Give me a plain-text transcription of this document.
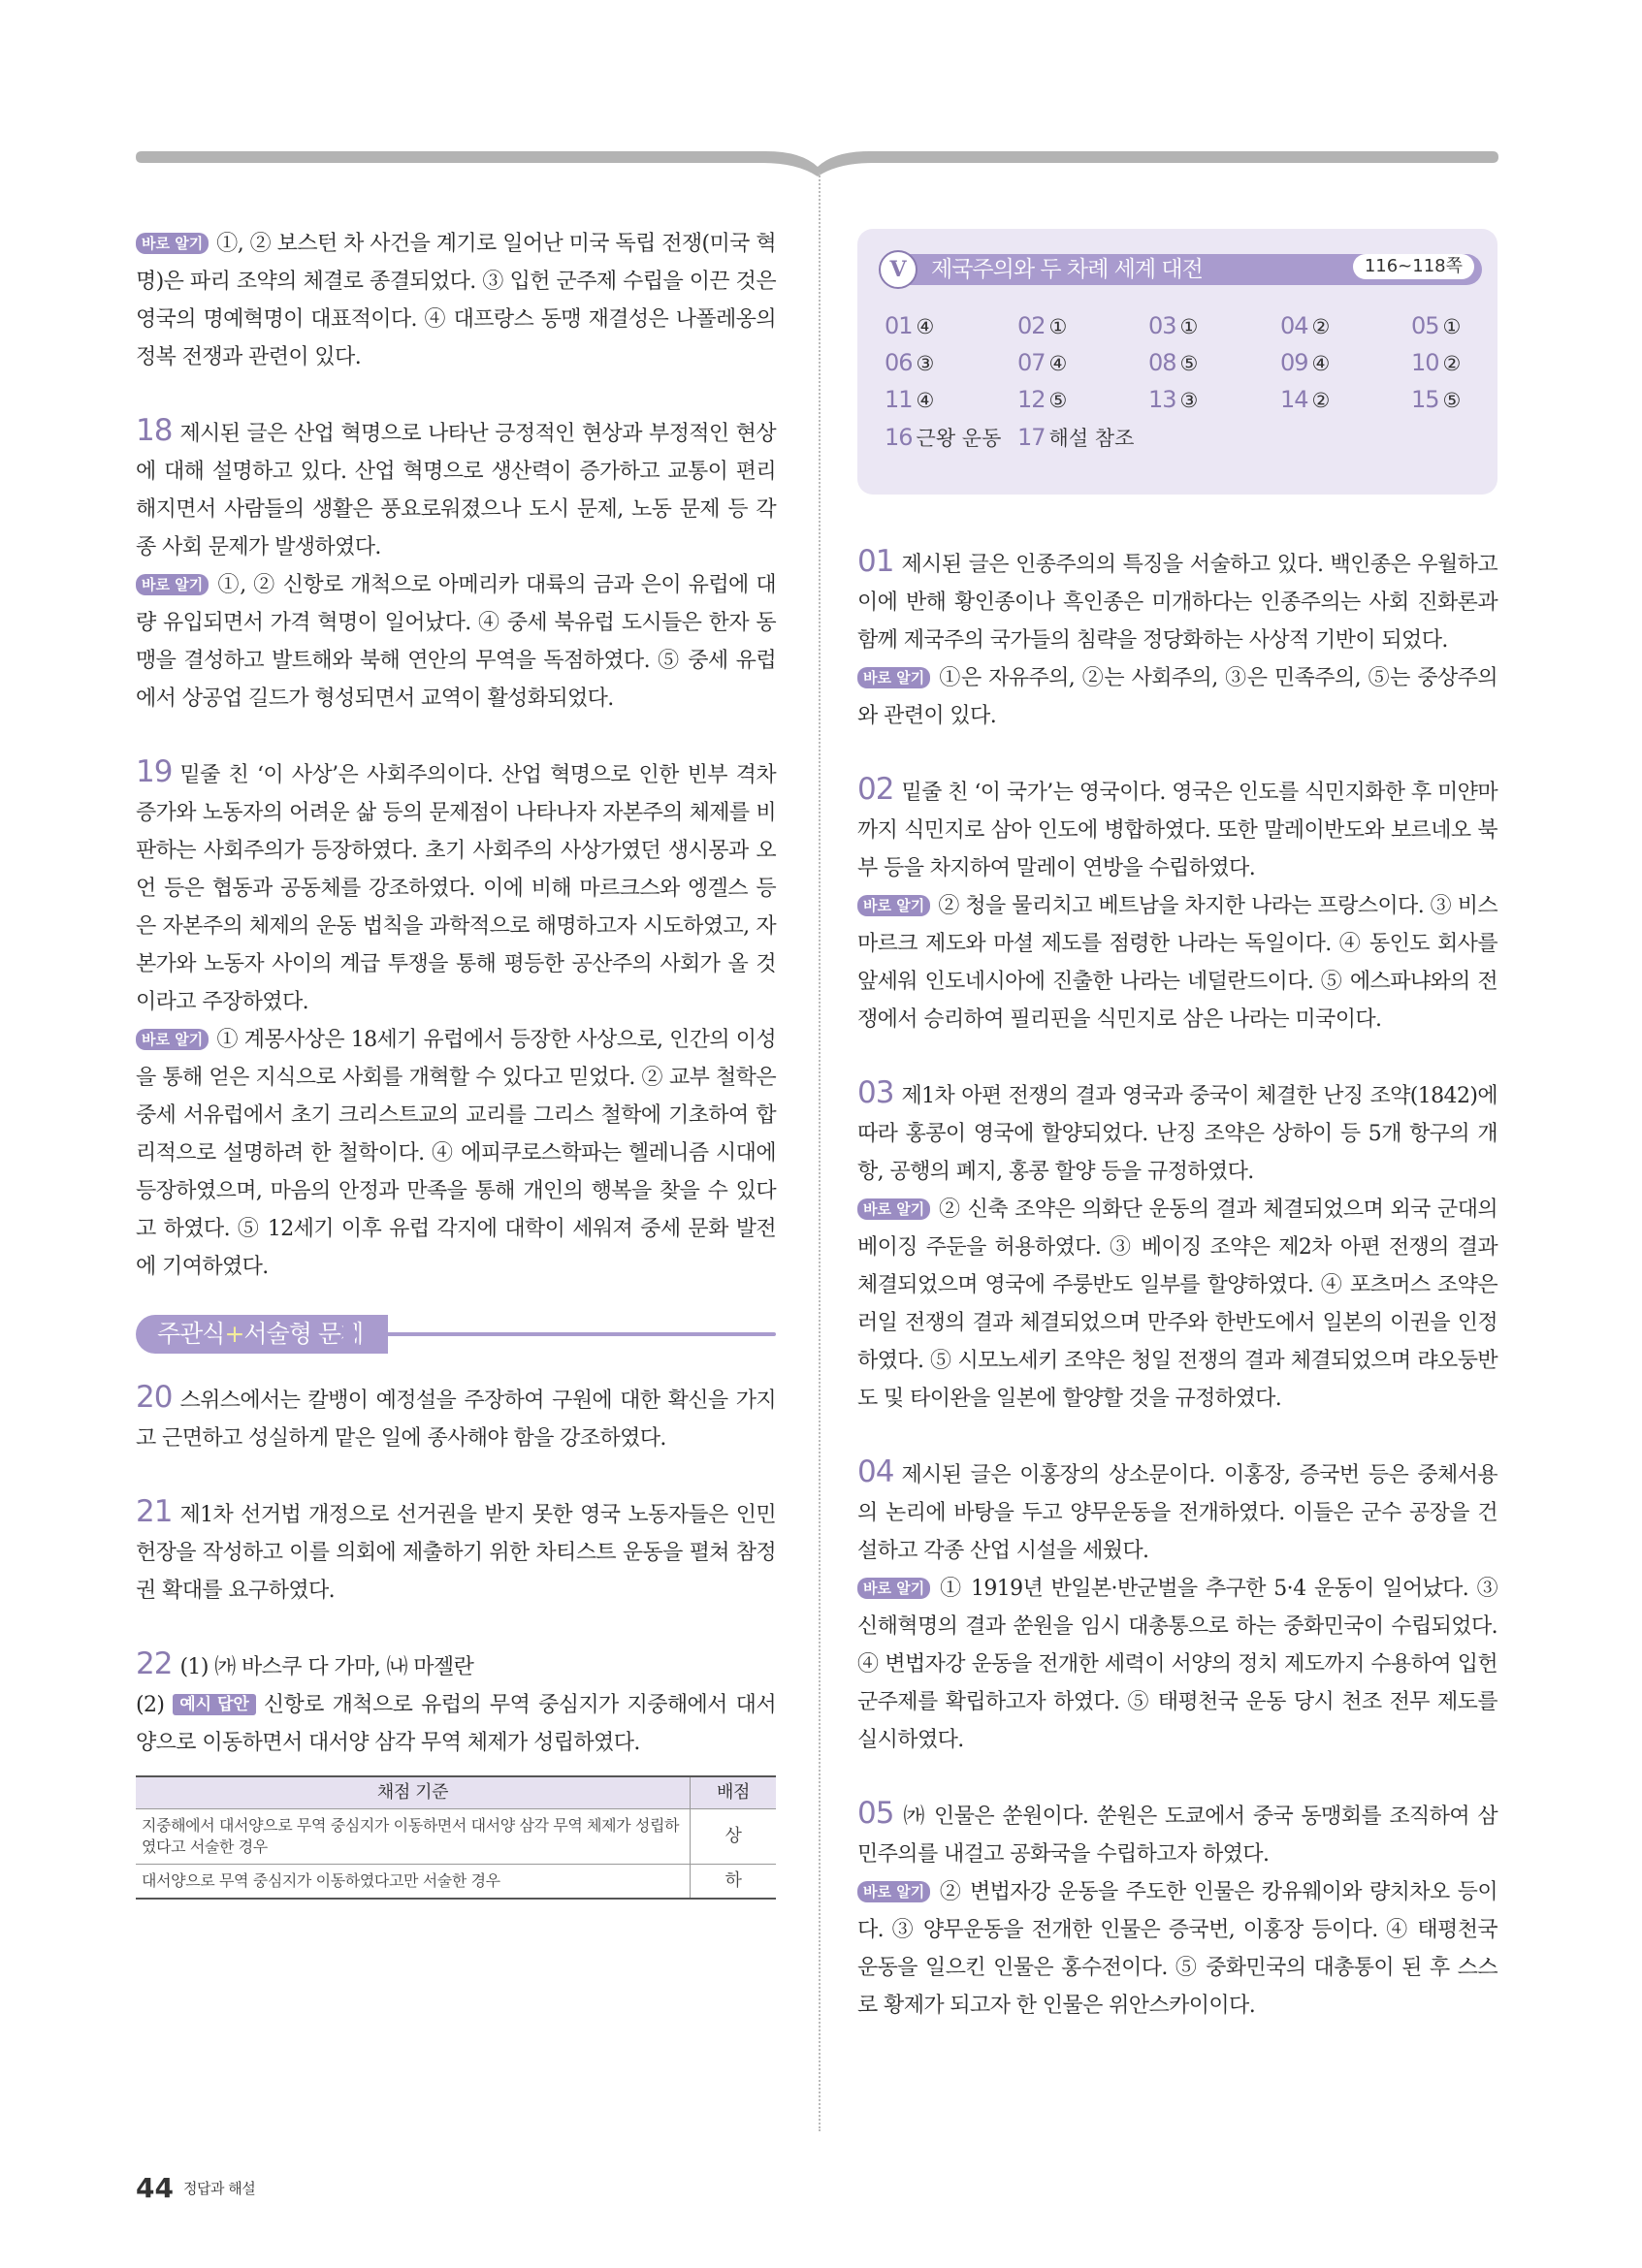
바로 알기 ①, ② 보스턴 차 사건을 계기로 일어난 미국 독립 전쟁(미국 혁명)은 파리 조약의 체결로 종결되었다. ③ 입헌 군주제 수립을 이끈 것은 영국의 명예혁명이 대표적이다. ④ 대프랑스 동맹 재결성은 나폴레옹의 정복 전쟁과 관련이 있다.

18 제시된 글은 산업 혁명으로 나타난 긍정적인 현상과 부정적인 현상에 대해 설명하고 있다. 산업 혁명으로 생산력이 증가하고 교통이 편리해지면서 사람들의 생활은 풍요로워졌으나 도시 문제, 노동 문제 등 각종 사회 문제가 발생하였다.

바로 알기 ①, ② 신항로 개척으로 아메리카 대륙의 금과 은이 유럽에 대량 유입되면서 가격 혁명이 일어났다. ④ 중세 북유럽 도시들은 한자 동맹을 결성하고 발트해와 북해 연안의 무역을 독점하였다. ⑤ 중세 유럽에서 상공업 길드가 형성되면서 교역이 활성화되었다.

19 밑줄 친 ‘이 사상’은 사회주의이다. 산업 혁명으로 인한 빈부 격차 증가와 노동자의 어려운 삶 등의 문제점이 나타나자 자본주의 체제를 비판하는 사회주의가 등장하였다. 초기 사회주의 사상가였던 생시몽과 오언 등은 협동과 공동체를 강조하였다. 이에 비해 마르크스와 엥겔스 등은 자본주의 체제의 운동 법칙을 과학적으로 해명하고자 시도하였고, 자본가와 노동자 사이의 계급 투쟁을 통해 평등한 공산주의 사회가 올 것이라고 주장하였다.

바로 알기 ① 계몽사상은 18세기 유럽에서 등장한 사상으로, 인간의 이성을 통해 얻은 지식으로 사회를 개혁할 수 있다고 믿었다. ② 교부 철학은 중세 서유럽에서 초기 크리스트교의 교리를 그리스 철학에 기초하여 합리적으로 설명하려 한 철학이다. ④ 에피쿠로스학파는 헬레니즘 시대에 등장하였으며, 마음의 안정과 만족을 통해 개인의 행복을 찾을 수 있다고 하였다. ⑤ 12세기 이후 유럽 각지에 대학이 세워져 중세 문화 발전에 기여하였다.

주관식+서술형 문제

20 스위스에서는 칼뱅이 예정설을 주장하여 구원에 대한 확신을 가지고 근면하고 성실하게 맡은 일에 종사해야 함을 강조하였다.

21 제1차 선거법 개정으로 선거권을 받지 못한 영국 노동자들은 인민헌장을 작성하고 이를 의회에 제출하기 위한 차티스트 운동을 펼쳐 참정권 확대를 요구하였다.

22 (1) ㈎ 바스쿠 다 가마, ㈏ 마젤란

(2) 예시 답안 신항로 개척으로 유럽의 무역 중심지가 지중해에서 대서양으로 이동하면서 대서양 삼각 무역 체제가 성립하였다.

채점 기준	배점
지중해에서 대서양으로 무역 중심지가 이동하면서 대서양 삼각 무역 체제가 성립하였다고 서술한 경우	상
대서양으로 무역 중심지가 이동하였다고만 서술한 경우	하
제국주의와 두 차례 세계 대전
V	116~118쪽
01 ④	02 ①	03 ①	04 ②	05 ①
06 ③	07 ④	08 ⑤	09 ④	10 ②
11 ④	12 ⑤	13 ③	14 ②	15 ⑤
16 근왕 운동 17 해설 참조

01 제시된 글은 인종주의의 특징을 서술하고 있다. 백인종은 우월하고 이에 반해 황인종이나 흑인종은 미개하다는 인종주의는 사회 진화론과 함께 제국주의 국가들의 침략을 정당화하는 사상적 기반이 되었다.

바로 알기 ①은 자유주의, ②는 사회주의, ③은 민족주의, ⑤는 중상주의와 관련이 있다.

02 밑줄 친 ‘이 국가’는 영국이다. 영국은 인도를 식민지화한 후 미얀마까지 식민지로 삼아 인도에 병합하였다. 또한 말레이반도와 보르네오 북부 등을 차지하여 말레이 연방을 수립하였다.

바로 알기 ② 청을 물리치고 베트남을 차지한 나라는 프랑스이다. ③ 비스마르크 제도와 마셜 제도를 점령한 나라는 독일이다. ④ 동인도 회사를 앞세워 인도네시아에 진출한 나라는 네덜란드이다. ⑤ 에스파냐와의 전쟁에서 승리하여 필리핀을 식민지로 삼은 나라는 미국이다.

03 제1차 아편 전쟁의 결과 영국과 중국이 체결한 난징 조약(1842)에 따라 홍콩이 영국에 할양되었다. 난징 조약은 상하이 등 5개 항구의 개항, 공행의 폐지, 홍콩 할양 등을 규정하였다.

바로 알기 ② 신축 조약은 의화단 운동의 결과 체결되었으며 외국 군대의 베이징 주둔을 허용하였다. ③ 베이징 조약은 제2차 아편 전쟁의 결과 체결되었으며 영국에 주룽반도 일부를 할양하였다. ④ 포츠머스 조약은 러일 전쟁의 결과 체결되었으며 만주와 한반도에서 일본의 이권을 인정하였다. ⑤ 시모노세키 조약은 청일 전쟁의 결과 체결되었으며 랴오둥반도 및 타이완을 일본에 할양할 것을 규정하였다.

04 제시된 글은 이홍장의 상소문이다. 이홍장, 증국번 등은 중체서용의 논리에 바탕을 두고 양무운동을 전개하였다. 이들은 군수 공장을 건설하고 각종 산업 시설을 세웠다.

바로 알기 ① 1919년 반일본·반군벌을 추구한 5·4 운동이 일어났다. ③ 신해혁명의 결과 쑨원을 임시 대총통으로 하는 중화민국이 수립되었다. ④ 변법자강 운동을 전개한 세력이 서양의 정치 제도까지 수용하여 입헌 군주제를 확립하고자 하였다. ⑤ 태평천국 운동 당시 천조 전무 제도를 실시하였다.

05 ㈎ 인물은 쑨원이다. 쑨원은 도쿄에서 중국 동맹회를 조직하여 삼민주의를 내걸고 공화국을 수립하고자 하였다.

바로 알기 ② 변법자강 운동을 주도한 인물은 캉유웨이와 량치차오 등이다. ③ 양무운동을 전개한 인물은 증국번, 이홍장 등이다. ④ 태평천국 운동을 일으킨 인물은 홍수전이다. ⑤ 중화민국의 대총통이 된 후 스스로 황제가 되고자 한 인물은 위안스카이이다.

44 정답과 해설
